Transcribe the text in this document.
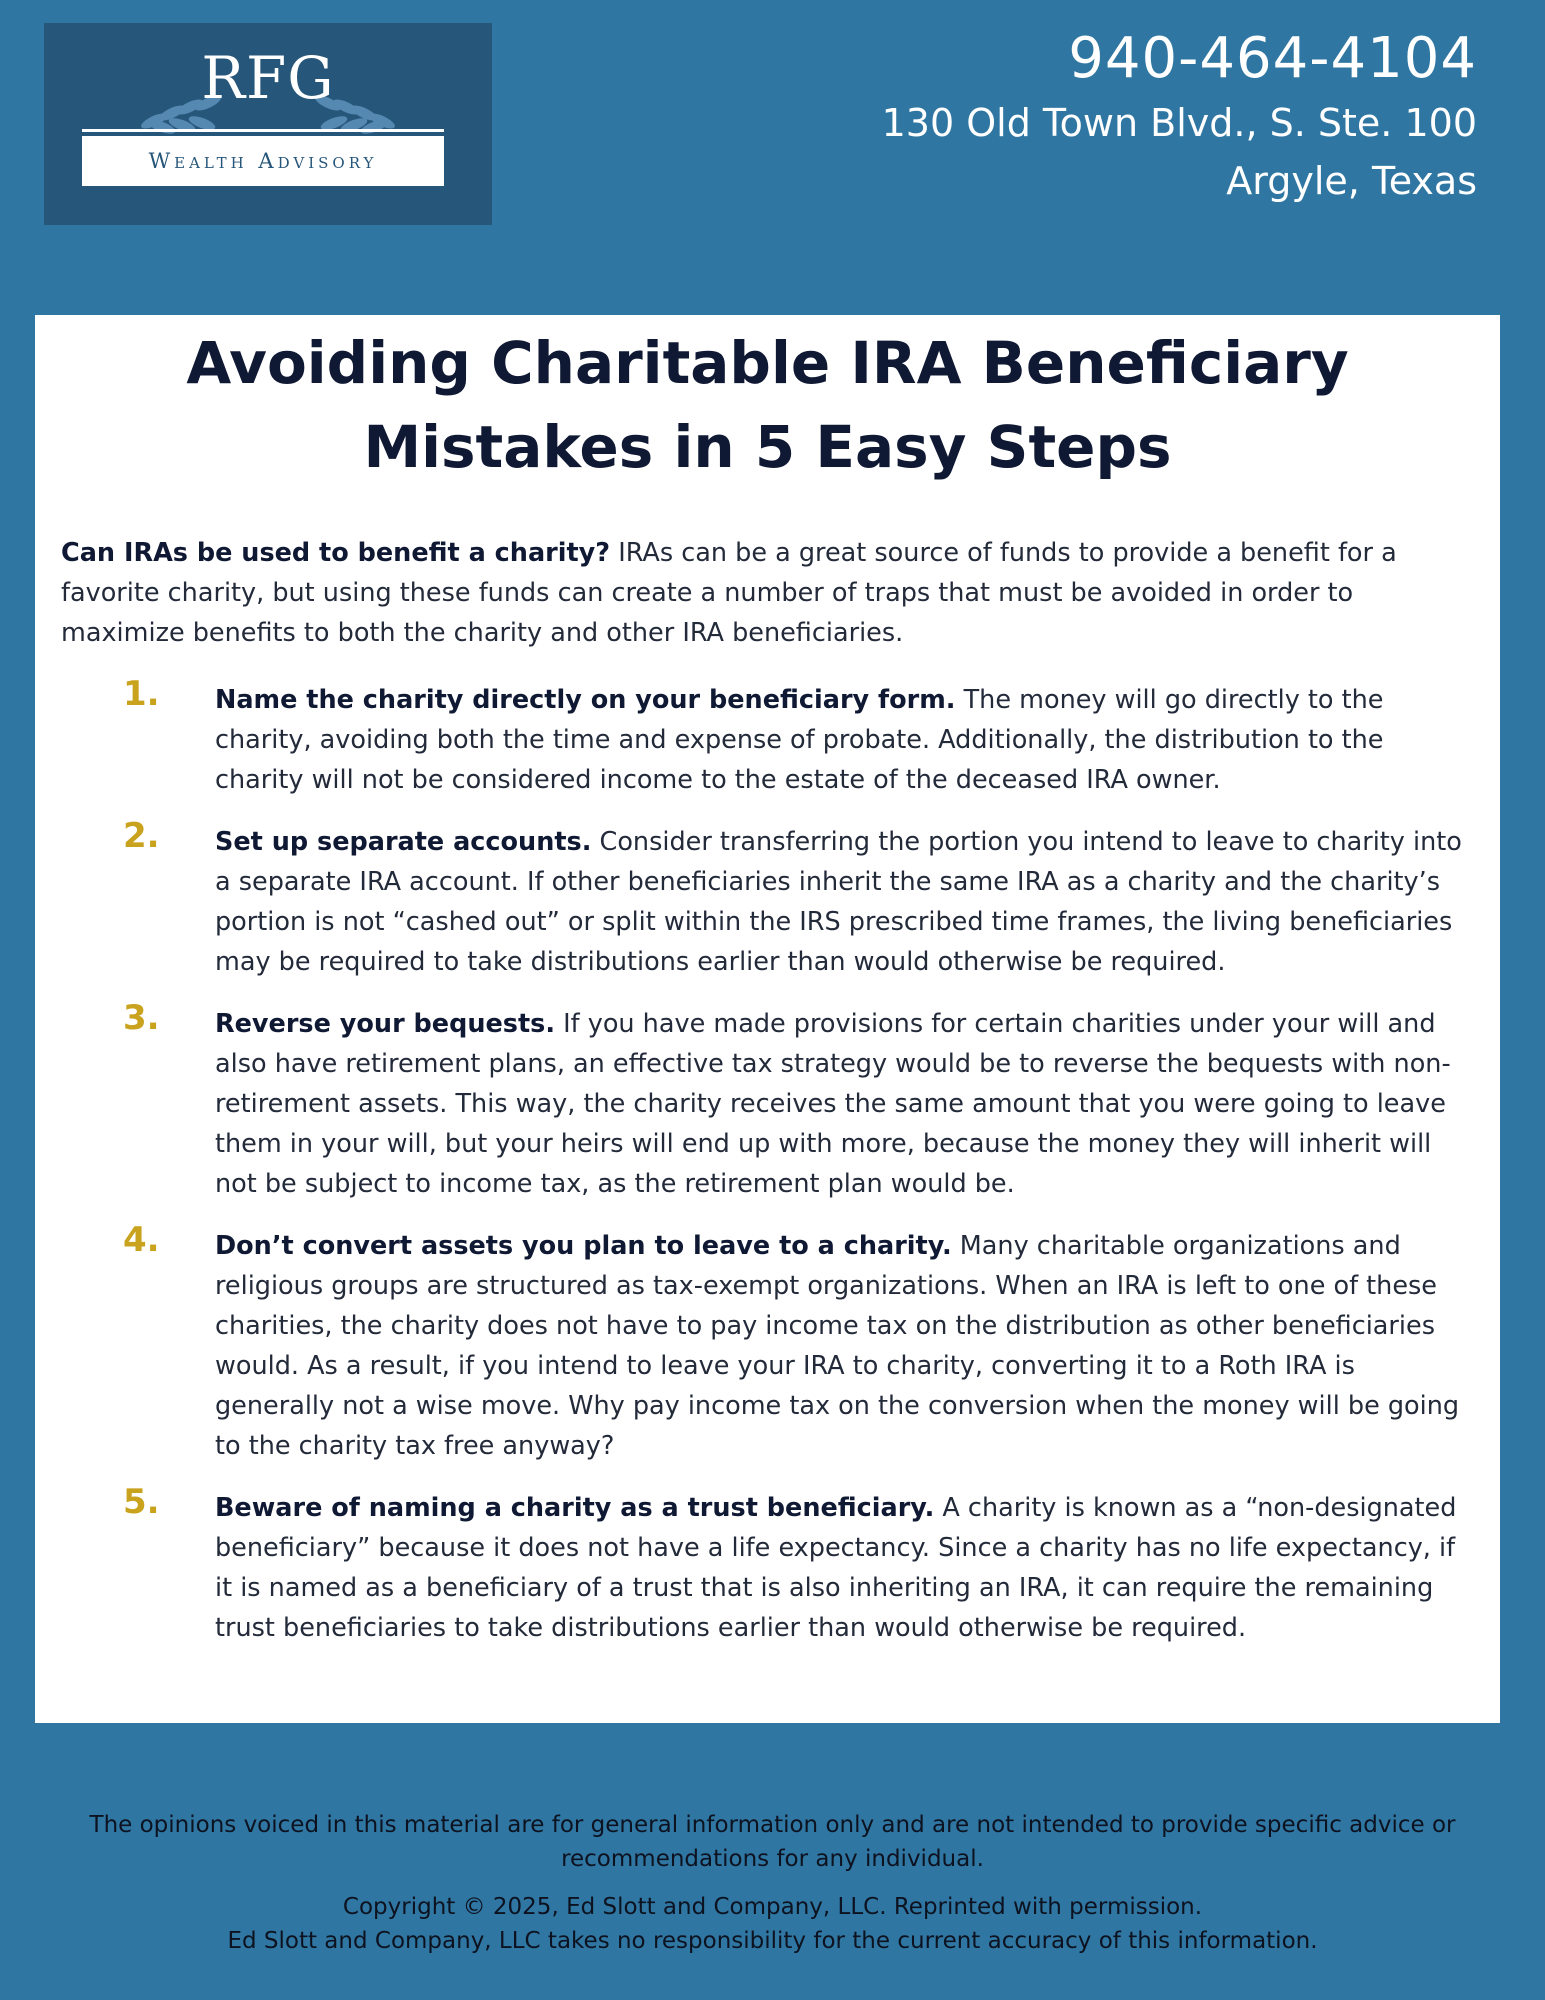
RFG
Wealth Advisory
940-464-4104
130 Old Town Blvd., S. Ste. 100
Argyle, Texas
Avoiding Charitable IRA Beneficiary
Mistakes in 5 Easy Steps

Can IRAs be used to benefit a charity? IRAs can be a great source of funds to provide a benefit for a favorite charity, but using these funds can create a number of traps that must be avoided in order to maximize benefits to both the charity and other IRA beneficiaries.

1. Name the charity directly on your beneficiary form. The money will go directly to the charity, avoiding both the time and expense of probate. Additionally, the distribution to the charity will not be considered income to the estate of the deceased IRA owner.
2. Set up separate accounts. Consider transferring the portion you intend to leave to charity into a separate IRA account. If other beneficiaries inherit the same IRA as a charity and the charity’s portion is not “cashed out” or split within the IRS prescribed time frames, the living beneficiaries may be required to take distributions earlier than would otherwise be required.
3. Reverse your bequests. If you have made provisions for certain charities under your will and also have retirement plans, an effective tax strategy would be to reverse the bequests with non-retirement assets. This way, the charity receives the same amount that you were going to leave them in your will, but your heirs will end up with more, because the money they will inherit will not be subject to income tax, as the retirement plan would be.
4. Don’t convert assets you plan to leave to a charity. Many charitable organizations and religious groups are structured as tax-exempt organizations. When an IRA is left to one of these charities, the charity does not have to pay income tax on the distribution as other beneficiaries would. As a result, if you intend to leave your IRA to charity, converting it to a Roth IRA is generally not a wise move. Why pay income tax on the conversion when the money will be going to the charity tax free anyway?
5. Beware of naming a charity as a trust beneficiary. A charity is known as a “non-designated beneficiary” because it does not have a life expectancy. Since a charity has no life expectancy, if it is named as a beneficiary of a trust that is also inheriting an IRA, it can require the remaining trust beneficiaries to take distributions earlier than would otherwise be required.

The opinions voiced in this material are for general information only and are not intended to provide specific advice or recommendations for any individual.

Copyright © 2025, Ed Slott and Company, LLC. Reprinted with permission.

Ed Slott and Company, LLC takes no responsibility for the current accuracy of this information.
